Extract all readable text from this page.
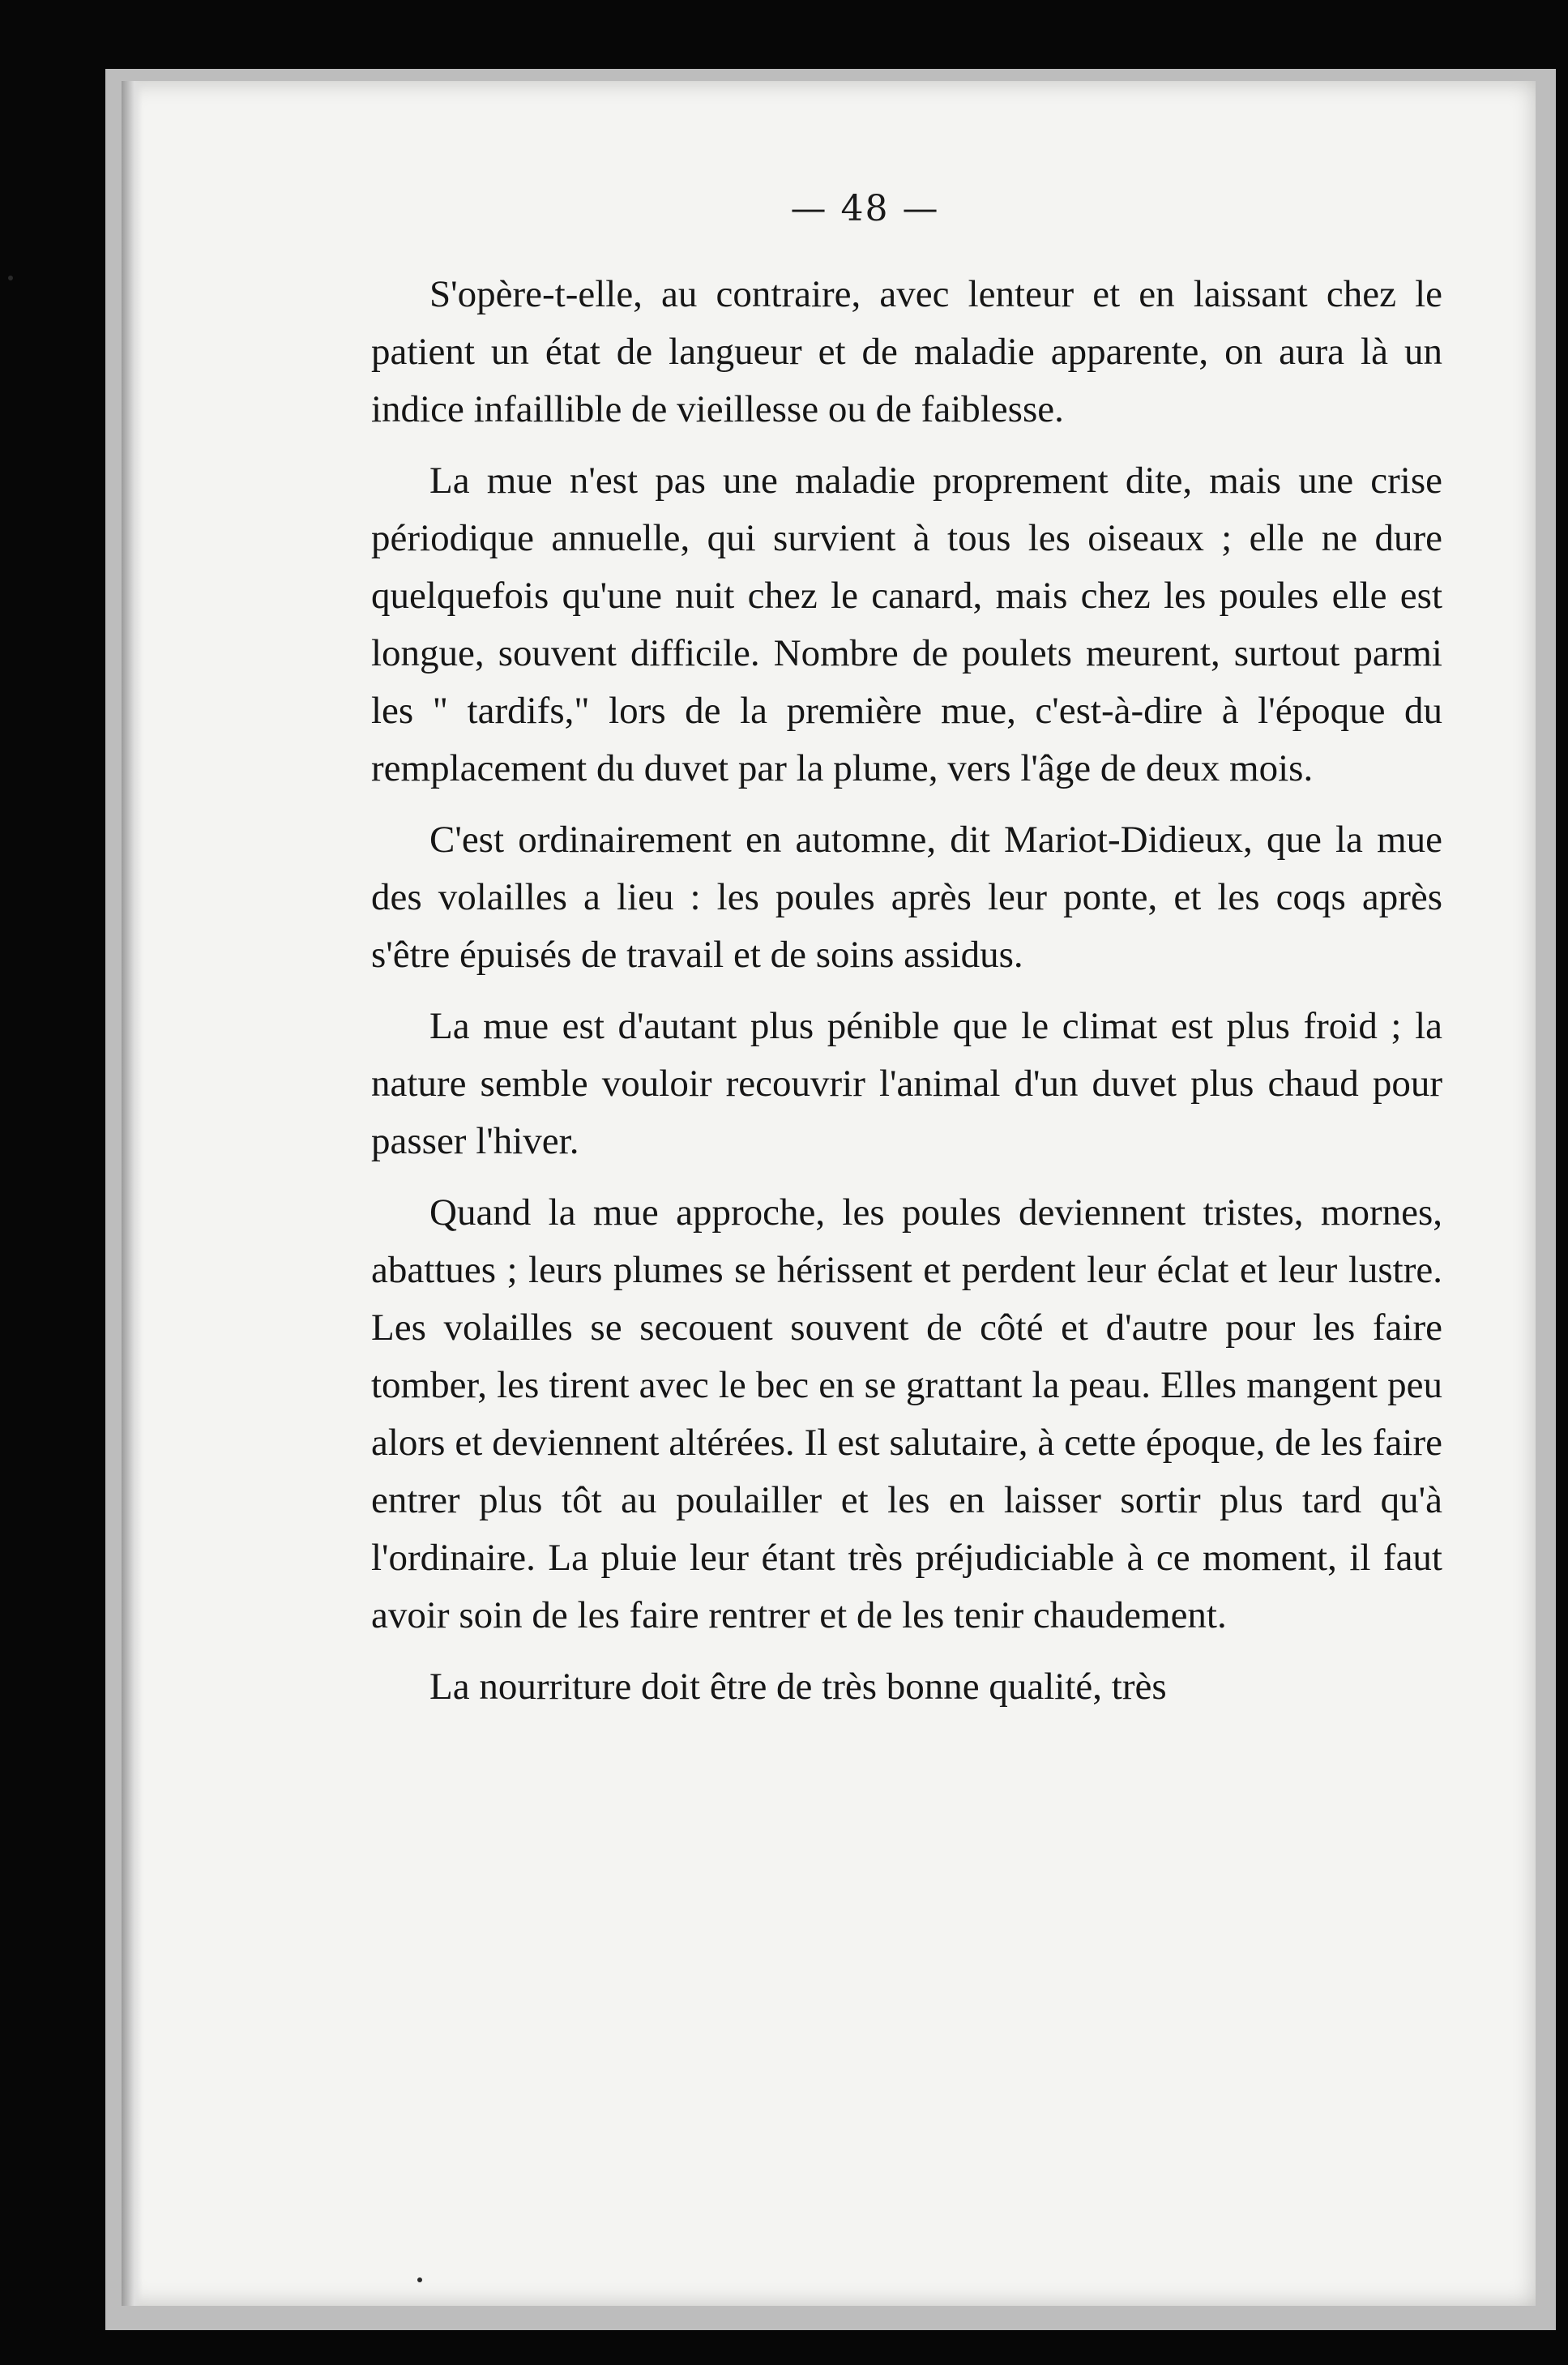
— 48 —

S'opère-t-elle, au contraire, avec lenteur et en laissant chez le patient un état de langueur et de maladie apparente, on aura là un indice infaillible de vieillesse ou de faiblesse.

La mue n'est pas une maladie proprement dite, mais une crise périodique annuelle, qui survient à tous les oiseaux ; elle ne dure quelquefois qu'une nuit chez le canard, mais chez les poules elle est longue, souvent difficile. Nombre de poulets meurent, surtout parmi les " tardifs," lors de la première mue, c'est-à-dire à l'époque du remplacement du duvet par la plume, vers l'âge de deux mois.

C'est ordinairement en automne, dit Mariot-Didieux, que la mue des volailles a lieu : les poules après leur ponte, et les coqs après s'être épuisés de travail et de soins assidus.

La mue est d'autant plus pénible que le climat est plus froid ; la nature semble vouloir recouvrir l'animal d'un duvet plus chaud pour passer l'hiver.

Quand la mue approche, les poules deviennent tristes, mornes, abattues ; leurs plumes se hérissent et perdent leur éclat et leur lustre. Les volailles se secouent souvent de côté et d'autre pour les faire tomber, les tirent avec le bec en se grattant la peau. Elles mangent peu alors et deviennent altérées. Il est salutaire, à cette époque, de les faire entrer plus tôt au poulailler et les en laisser sortir plus tard qu'à l'ordinaire. La pluie leur étant très préjudiciable à ce moment, il faut avoir soin de les faire rentrer et de les tenir chaudement.

La nourriture doit être de très bonne qualité, très
